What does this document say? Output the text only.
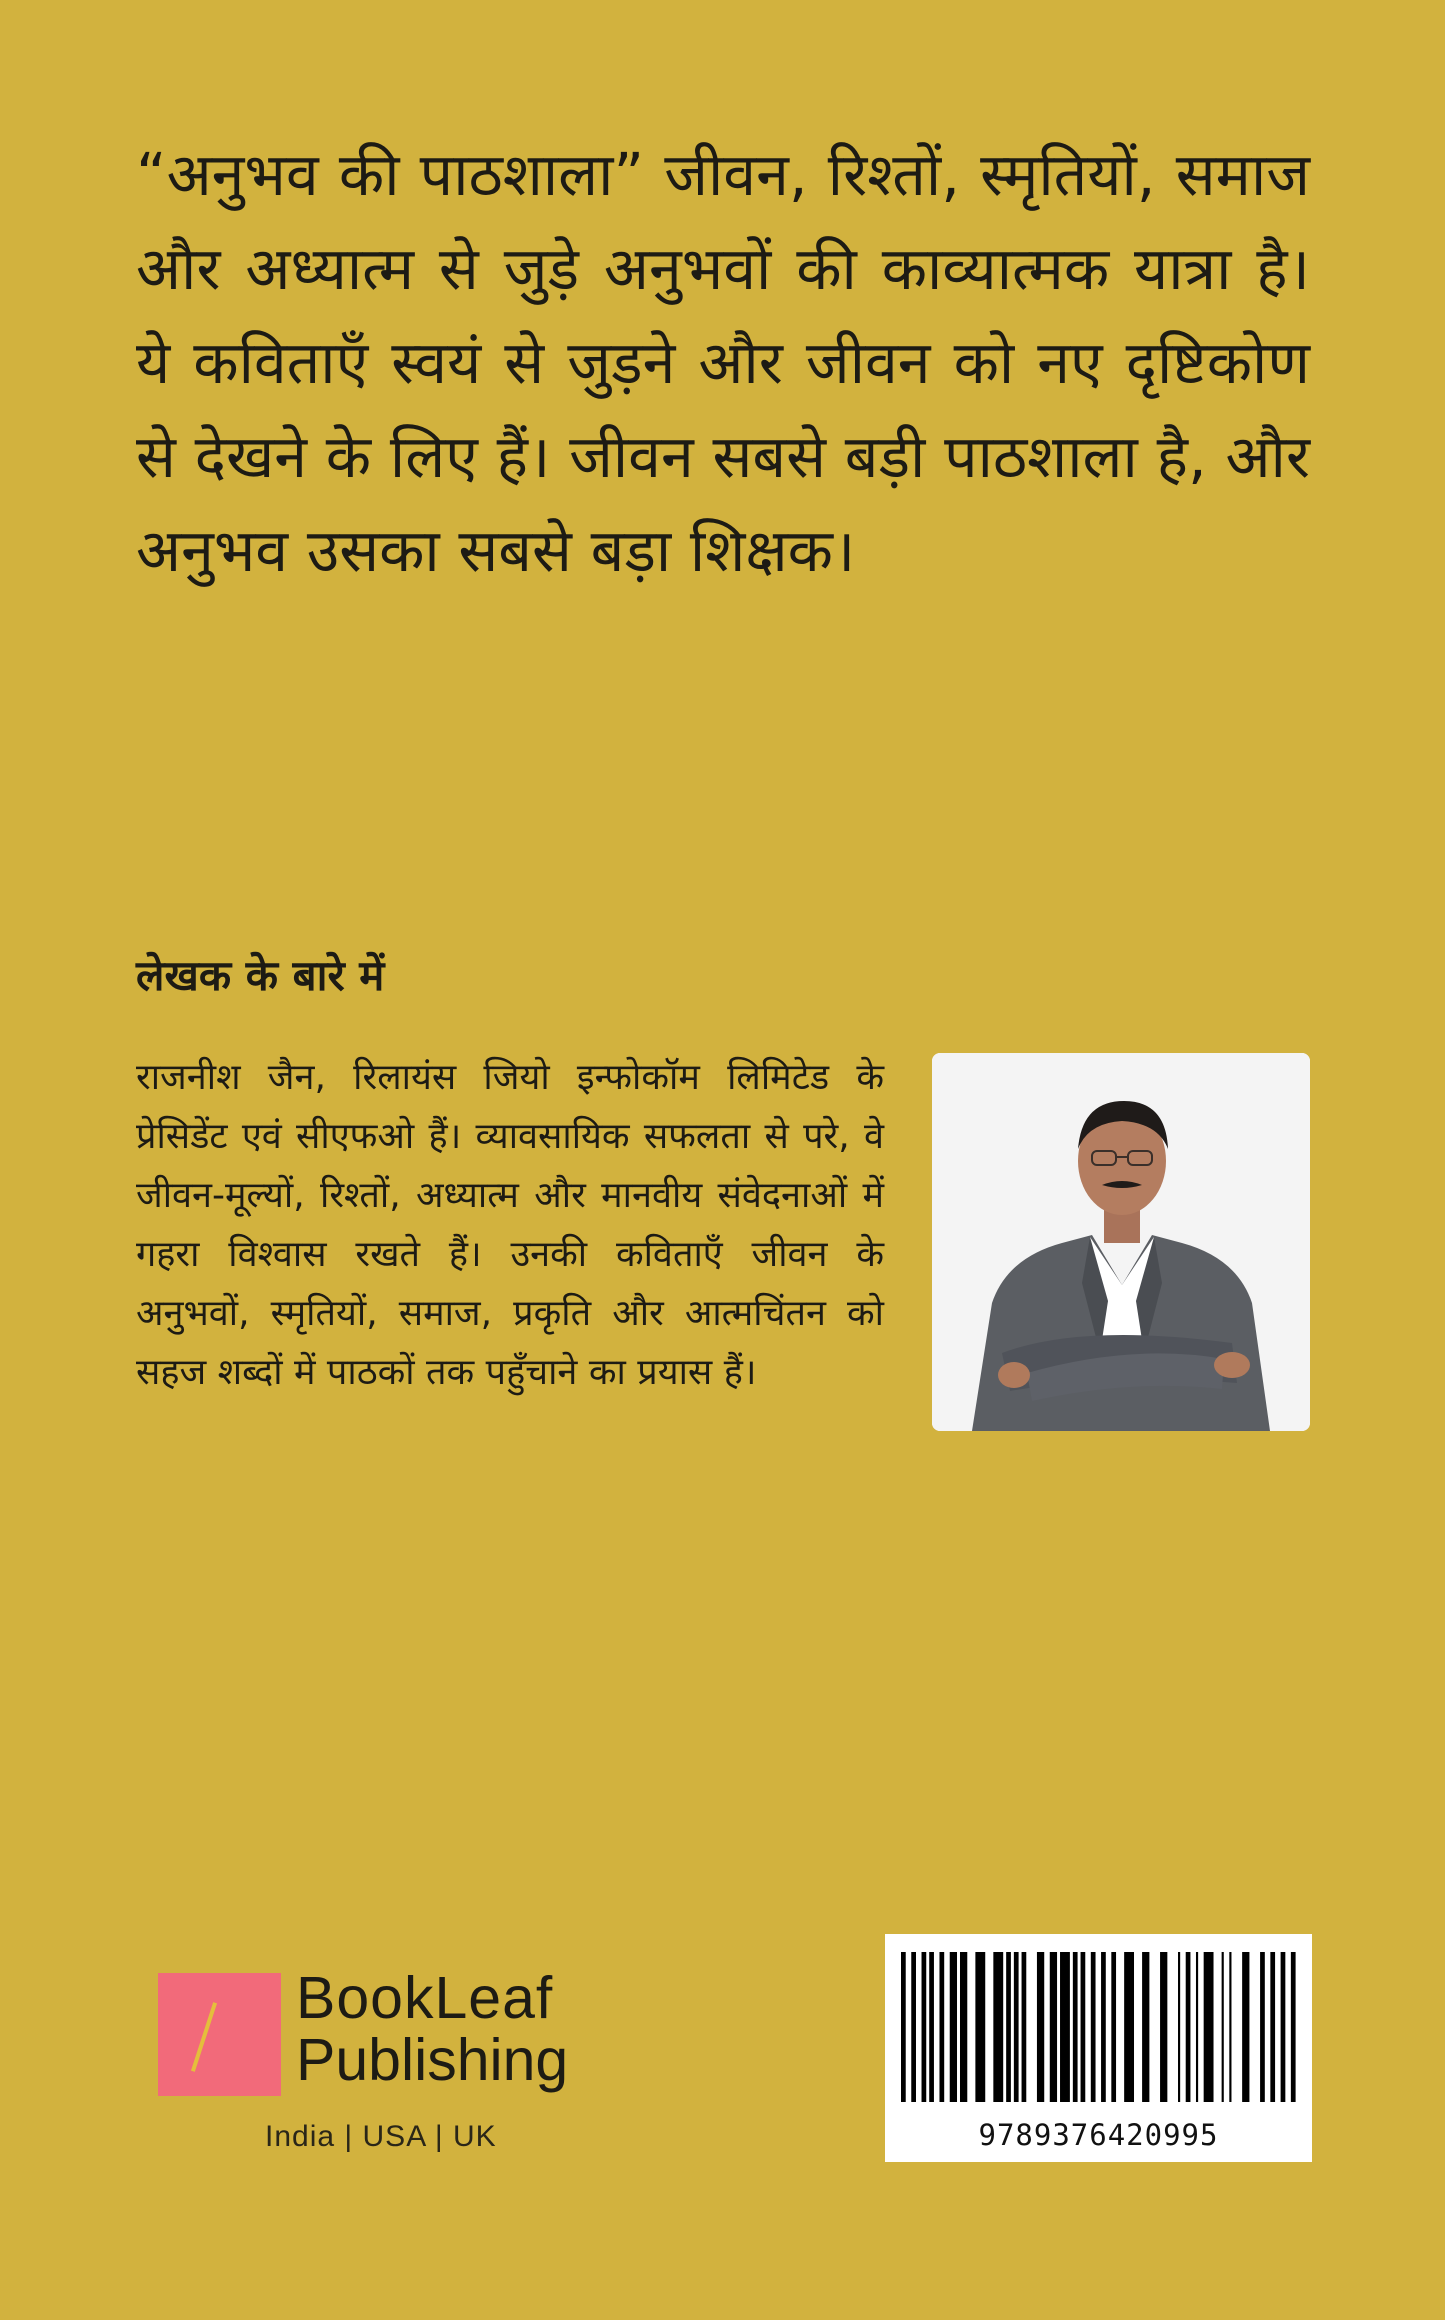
“अनुभव की पाठशाला” जीवन, रिश्तों, स्मृतियों, समाज और अध्यात्म से जुड़े अनुभवों की काव्यात्मक यात्रा है। ये कविताएँ स्वयं से जुड़ने और जीवन को नए दृष्टिकोण से देखने के लिए हैं। जीवन सबसे बड़ी पाठशाला है, और अनुभव उसका सबसे बड़ा शिक्षक।

लेखक के बारे में

राजनीश जैन, रिलायंस जियो इन्फोकॉम लिमिटेड के प्रेसिडेंट एवं सीएफओ हैं। व्यावसायिक सफलता से परे, वे जीवन-मूल्यों, रिश्तों, अध्यात्म और मानवीय संवेदनाओं में गहरा विश्वास रखते हैं। उनकी कविताएँ जीवन के अनुभवों, स्मृतियों, समाज, प्रकृति और आत्मचिंतन को सहज शब्दों में पाठकों तक पहुँचाने का प्रयास हैं।

BookLeaf
Publishing
India | USA | UK	9789376420995
